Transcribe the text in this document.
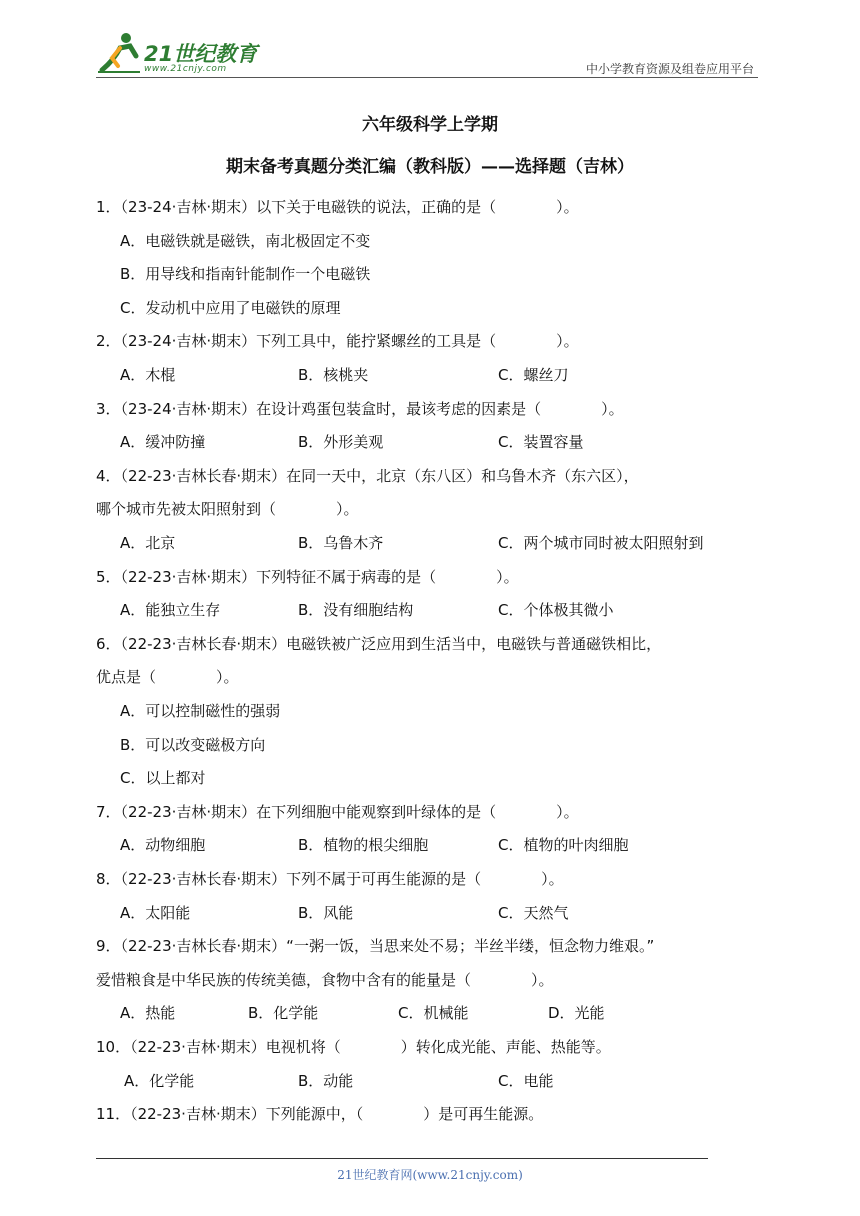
21世纪教育
www.21cnjy.com	中小学教育资源及组卷应用平台
六年级科学上学期
期末备考真题分类汇编（教科版）——选择题（吉林）
1．（23-24·吉林·期末）以下关于电磁铁的说法，正确的是（　　　　）。
A．电磁铁就是磁铁，南北极固定不变
B．用导线和指南针能制作一个电磁铁
C．发动机中应用了电磁铁的原理
2．（23-24·吉林·期末）下列工具中，能拧紧螺丝的工具是（　　　　）。
A．木棍	B．核桃夹	C．螺丝刀
3．（23-24·吉林·期末）在设计鸡蛋包装盒时，最该考虑的因素是（　　　　）。
A．缓冲防撞	B．外形美观	C．装置容量
4．（22-23·吉林长春·期末）在同一天中，北京（东八区）和乌鲁木齐（东六区），
哪个城市先被太阳照射到（　　　　）。
A．北京	B．乌鲁木齐	C．两个城市同时被太阳照射到
5．（22-23·吉林·期末）下列特征不属于病毒的是（　　　　）。
A．能独立生存	B．没有细胞结构	C．个体极其微小
6．（22-23·吉林长春·期末）电磁铁被广泛应用到生活当中，电磁铁与普通磁铁相比，
优点是（　　　　）。
A．可以控制磁性的强弱
B．可以改变磁极方向
C．以上都对
7．（22-23·吉林·期末）在下列细胞中能观察到叶绿体的是（　　　　）。
A．动物细胞	B．植物的根尖细胞	C．植物的叶肉细胞
8．（22-23·吉林长春·期末）下列不属于可再生能源的是（　　　　）。
A．太阳能	B．风能	C．天然气
9．（22-23·吉林长春·期末）“一粥一饭，当思来处不易；半丝半缕，恒念物力维艰。”
爱惜粮食是中华民族的传统美德，食物中含有的能量是（　　　　）。
A．热能	B．化学能	C．机械能	D．光能
10．（22-23·吉林·期末）电视机将（　　　　）转化成光能、声能、热能等。
A．化学能	B．动能	C．电能
11．（22-23·吉林·期末）下列能源中，（　　　　）是可再生能源。
21世纪教育网(www.21cnjy.com)
